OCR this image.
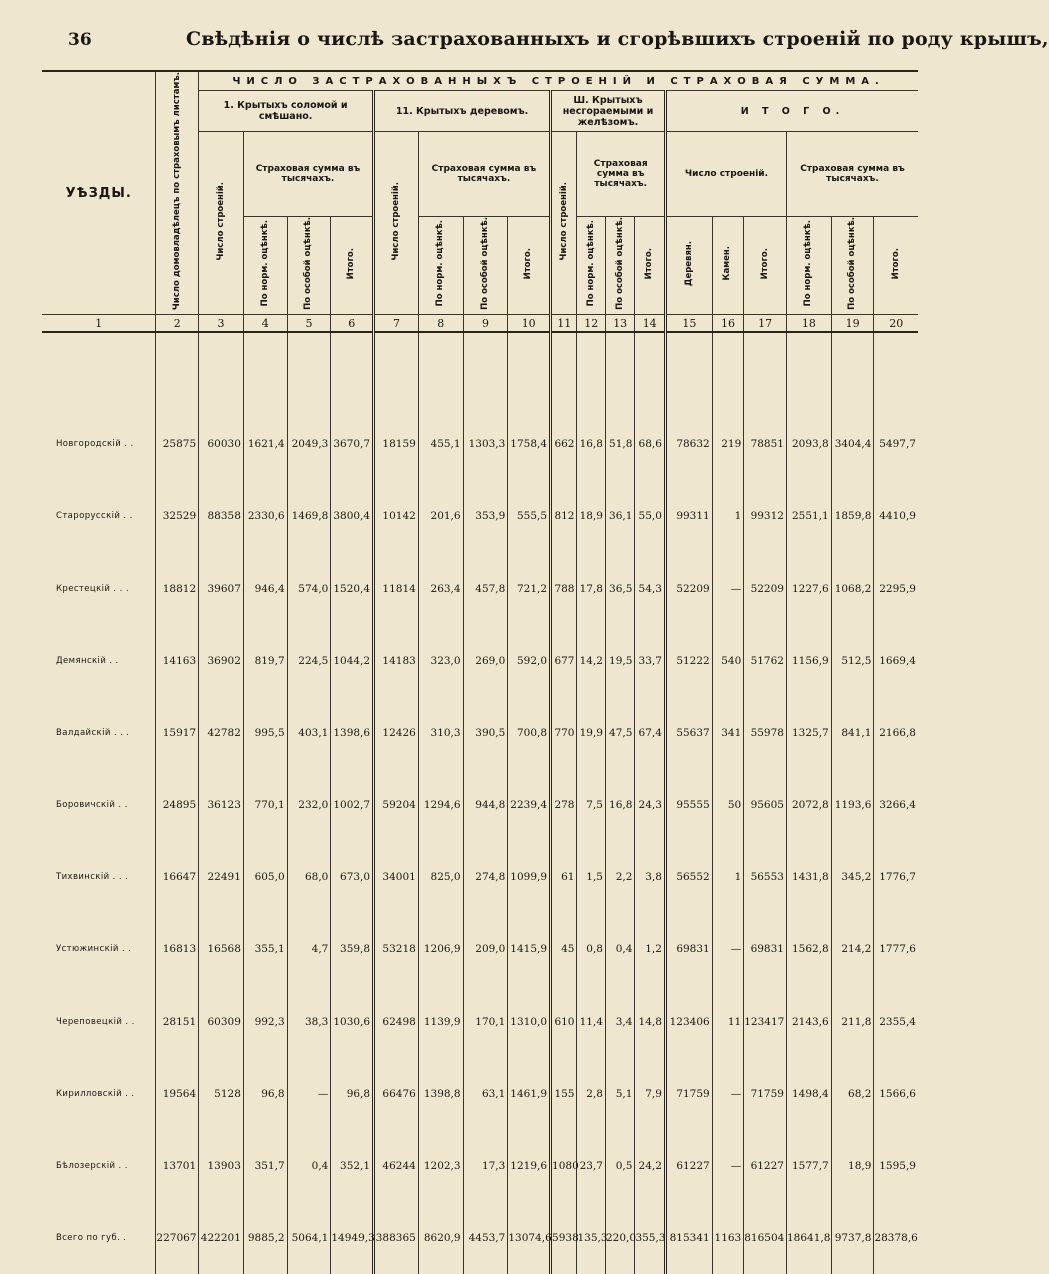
36	Свѣдѣнія о числѣ застрахованныхъ и сгорѣвшихъ строеній по роду крышъ,
УѢЗДЫ.	Число домовладѣлецъ по страховымъ листамъ.	ЧИСЛО ЗАСТРАХОВАННЫХЪ СТРОЕНІЙ И СТРАХОВАЯ СУММА.																	
		1. Крытыхъ соломой и смѣшано.				11. Крытыхъ деревомъ.				Ш. Крытыхъ несгораемыми и желѣзомъ.				И Т О Г О.					
		Число строеній.	Страховая сумма въ тысячахъ.			Число строеній.	Страховая сумма въ тысячахъ.			Число строеній.	Страховая сумма въ тысячахъ.			Число строеній.			Страховая сумма въ тысячахъ.		
			По норм. оцѣнкѣ.	По особой оцѣнкѣ.	Итого.		По норм. оцѣнкѣ.	По особой оцѣнкѣ.	Итого.		По норм. оцѣнкѣ.	По особой оцѣнкѣ.	Итого.	Деревян.	Камен.	Итого.	По норм. оцѣнкѣ.	По особой оцѣнкѣ.	Итого.
1	2	3	4	5	6	7	8	9	10	11	12	13	14	15	16	17	18	19	20

Новгородскій . .	25875	60030	1621,4	2049,3	3670,7	18159	455,1	1303,3	1758,4	662	16,8	51,8	68,6	78632	219	78851	2093,8	3404,4	5497,7
Старорусскій . .	32529	88358	2330,6	1469,8	3800,4	10142	201,6	353,9	555,5	812	18,9	36,1	55,0	99311	1	99312	2551,1	1859,8	4410,9
Крестецкій . . .	18812	39607	946,4	574,0	1520,4	11814	263,4	457,8	721,2	788	17,8	36,5	54,3	52209	—	52209	1227,6	1068,2	2295,9
Демянскій . .	14163	36902	819,7	224,5	1044,2	14183	323,0	269,0	592,0	677	14,2	19,5	33,7	51222	540	51762	1156,9	512,5	1669,4
Валдайскій . . .	15917	42782	995,5	403,1	1398,6	12426	310,3	390,5	700,8	770	19,9	47,5	67,4	55637	341	55978	1325,7	841,1	2166,8
Боровичскій . .	24895	36123	770,1	232,0	1002,7	59204	1294,6	944,8	2239,4	278	7,5	16,8	24,3	95555	50	95605	2072,8	1193,6	3266,4
Тихвинскій . . .	16647	22491	605,0	68,0	673,0	34001	825,0	274,8	1099,9	61	1,5	2,2	3,8	56552	1	56553	1431,8	345,2	1776,7
Устюжинскій . .	16813	16568	355,1	4,7	359,8	53218	1206,9	209,0	1415,9	45	0,8	0,4	1,2	69831	—	69831	1562,8	214,2	1777,6
Череповецкій . .	28151	60309	992,3	38,3	1030,6	62498	1139,9	170,1	1310,0	610	11,4	3,4	14,8	123406	11	123417	2143,6	211,8	2355,4
Кирилловскій . .	19564	5128	96,8	—	96,8	66476	1398,8	63,1	1461,9	155	2,8	5,1	7,9	71759	—	71759	1498,4	68,2	1566,6
Бѣлозерскій . .	13701	13903	351,7	0,4	352,1	46244	1202,3	17,3	1219,6	1080	23,7	0,5	24,2	61227	—	61227	1577,7	18,9	1595,9
Всего по губ. .	227067	422201	9885,2	5064,1	14949,3	388365	8620,9	4453,7	13074,6	5938	135,3	220,0	355,3	815341	1163	816504	18641,8	9737,8	28378,6
